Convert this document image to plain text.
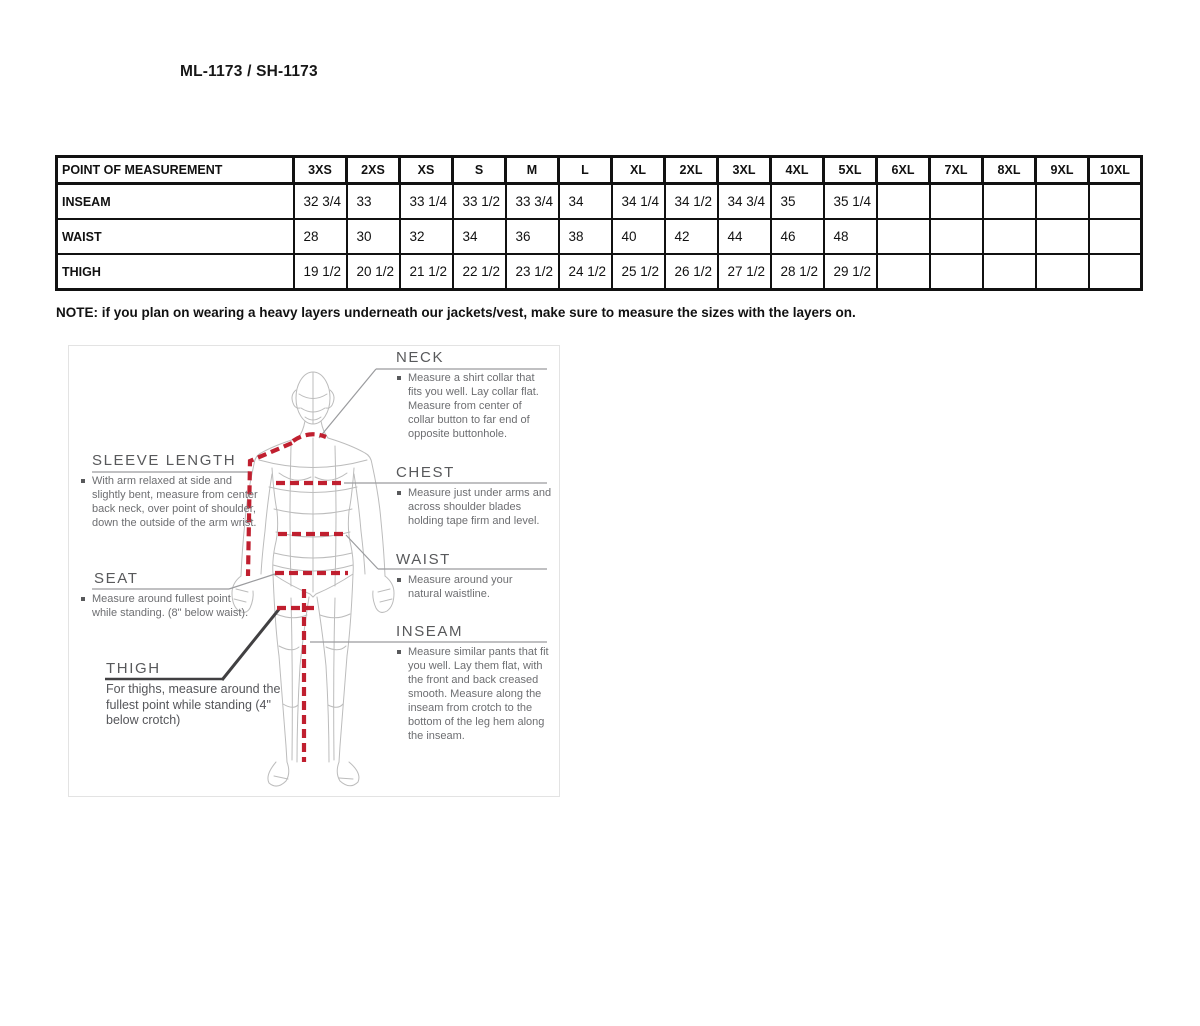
ML-1173 / SH-1173
POINT OF MEASUREMENT	3XS	2XS	XS	S	M	L	XL	2XL	3XL	4XL	5XL	6XL	7XL	8XL	9XL	10XL
INSEAM	32 3/4	33	33 1/4	33 1/2	33 3/4	34	34 1/4	34 1/2	34 3/4	35	35 1/4					
WAIST	28	30	32	34	36	38	40	42	44	46	48					
THIGH	19 1/2	20 1/2	21 1/2	22 1/2	23 1/2	24 1/2	25 1/2	26 1/2	27 1/2	28 1/2	29 1/2					
NOTE: if you plan on wearing a heavy layers underneath our jackets/vest, make sure to measure the sizes with the layers on.
NECK
Measure a shirt collar that fits you well. Lay collar flat. Measure from center of collar button to far end of opposite buttonhole.
CHEST
Measure just under arms and across shoulder blades holding tape firm and level.
WAIST
Measure around your natural waistline.
INSEAM
Measure similar pants that fit you well. Lay them flat, with the front and back creased smooth. Measure along the inseam from crotch to the bottom of the leg hem along the inseam.
SLEEVE LENGTH
With arm relaxed at side and slightly bent, measure from center back neck, over point of shoulder, down the outside of the arm wrist.
SEAT
Measure around fullest point while standing. (8" below waist).
THIGH
For thighs, measure around the fullest point while standing (4" below crotch)
